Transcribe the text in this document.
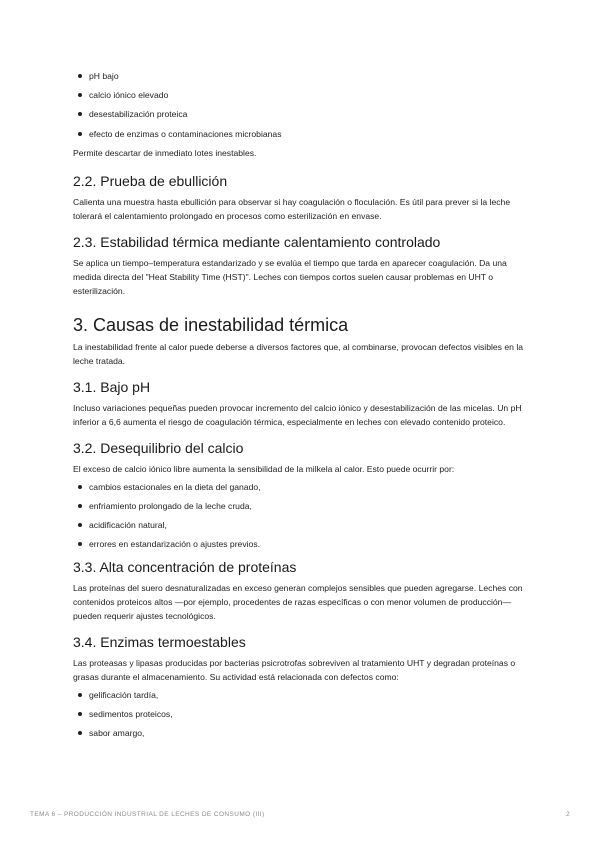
pH bajo
calcio iónico elevado
desestabilización proteica
efecto de enzimas o contaminaciones microbianas

Permite descartar de inmediato lotes inestables.

2.2. Prueba de ebullición

Calienta una muestra hasta ebullición para observar si hay coagulación o floculación. Es útil para prever si la leche tolerará el calentamiento prolongado en procesos como esterilización en envase.

2.3. Estabilidad térmica mediante calentamiento controlado

Se aplica un tiempo–temperatura estandarizado y se evalúa el tiempo que tarda en aparecer coagulación. Da una medida directa del "Heat Stability Time (HST)". Leches con tiempos cortos suelen causar problemas en UHT o esterilización.

3. Causas de inestabilidad térmica

La inestabilidad frente al calor puede deberse a diversos factores que, al combinarse, provocan defectos visibles en la leche tratada.

3.1. Bajo pH

Incluso variaciones pequeñas pueden provocar incremento del calcio iónico y desestabilización de las micelas. Un pH inferior a 6,6 aumenta el riesgo de coagulación térmica, especialmente en leches con elevado contenido proteico.

3.2. Desequilibrio del calcio

El exceso de calcio iónico libre aumenta la sensibilidad de la milkela al calor. Esto puede ocurrir por:

cambios estacionales en la dieta del ganado,
enfriamiento prolongado de la leche cruda,
acidificación natural,
errores en estandarización o ajustes previos.
3.3. Alta concentración de proteínas

Las proteínas del suero desnaturalizadas en exceso generan complejos sensibles que pueden agregarse. Leches con contenidos proteicos altos —por ejemplo, procedentes de razas específicas o con menor volumen de producción— pueden requerir ajustes tecnológicos.

3.4. Enzimas termoestables

Las proteasas y lipasas producidas por bacterias psicrotrofas sobreviven al tratamiento UHT y degradan proteínas o grasas durante el almacenamiento. Su actividad está relacionada con defectos como:

gelificación tardía,
sedimentos proteicos,
sabor amargo,
TEMA 6 – PRODUCCIÓN INDUSTRIAL DE LECHES DE CONSUMO (III)	2
